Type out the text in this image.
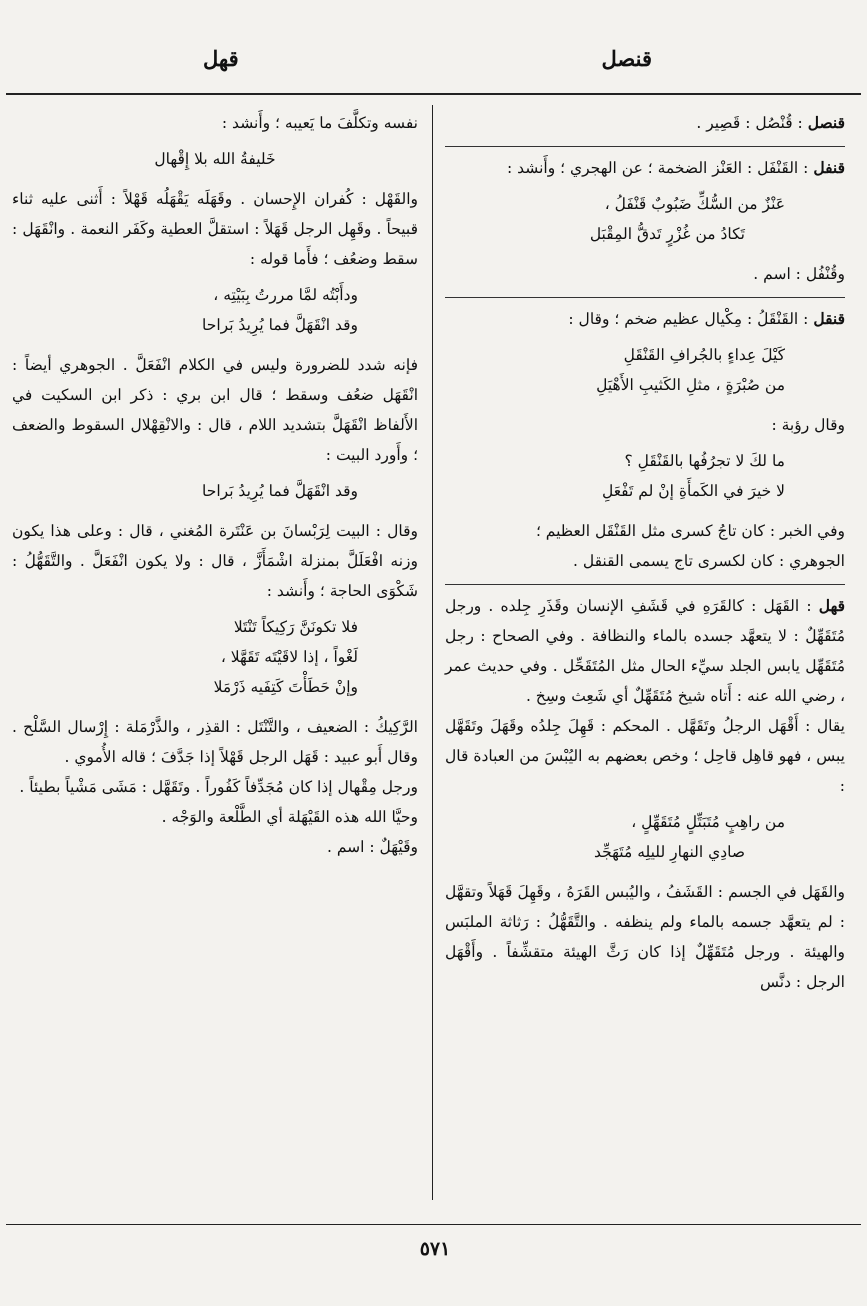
قنصل
قهل

قنصل : قُنْصُل : قَصِير .

قنفل : القَنْفَل : العَنْز الضخمة ؛ عن الهجري ؛ وأَنشد :

عَنْزٌ من السُّكِّ ضَبُوبٌ قَنْفَلُ ،
تَكادُ من غُزْرٍ تَدقُّ المِقْبَل

وقُنْفُل : اسم .

قنقل : القَنْقَلُ : مِكْيال عظيم ضخم ؛ وقال :

كَيْلَ عِداءٍ بالجُرافِ القَنْقَلِ
من صُبْرَةٍ ، مثلِ الكَثيبِ الأَهْيَلِ

وقال رؤبة :

ما لكَ لا تجرُفُها بالقَنْقَلِ ؟
لا خيرَ في الكَمأَةِ إنْ لم تَفْعَلِ

وفي الخبر : كان تاجُ كسرى مثل القَنْقَل العظيم ؛

الجوهري : كان لكسرى تاج يسمى القنقل .

قهل : القَهَل : كالقَرَهِ في قَشَفِ الإنسان وقَذَرِ جِلده . ورجل مُتَقَهِّلٌ : لا يتعهَّد جسده بالماء والنظافة . وفي الصحاح : رجل مُتَقَهِّل يابس الجلد سيِّء الحال مثل المُتَقَحِّل . وفي حديث عمر ، رضي الله عنه : أَتاه شيخ مُتَقَهِّلٌ أي شَعِث وسِخ .

يقال : أَقْهَل الرجلُ وتَقَهَّل . المحكم : قَهِلَ جِلدُه وقَهَلَ وتَقَهَّل يبس ، فهو قاهِل قاحِل ؛ وخص بعضهم به اليُبْسَ من العبادة قال :

من راهِبٍ مُتَبَتِّلٍ مُتَقَهِّلٍ ،
صادِي النهارِ لليلِه مُتَهَجِّد

والقَهَل في الجسم : القَشَفُ ، واليُبس القَرَهُ ، وقَهِلَ قَهَلاً وتقهَّل : لم يتعهَّد جسمه بالماء ولم ينظفه . والتَّقَهُّلُ : رَثاثة الملبَس والهيئة . ورجل مُتَقَهِّلٌ إذا كان رَثَّ الهيئة متقشِّفاً . وأَقْهَل الرجل : دنَّس

نفسه وتكلَّفَ ما يَعيبه ؛ وأَنشد :

خَليفةُ الله بلا إِقْهال

والقَهْل : كُفران الإِحسان . وقَهَلَه يَقْهَلُه قَهْلاً : أَثنى عليه ثناء قبيحاً . وقَهِل الرجل قَهَلاً : استقلَّ العطية وكَفَر النعمة . وانْقَهَل : سقط وضعُف ؛ فأَما قوله :

ودأَبْتُه لمَّا مررتُ بِبَيْتِه ،
وقد انْقَهَلَّ فما يُرِيدُ بَراحا

فإنه شدد للضرورة وليس في الكلام انْفَعَلَّ . الجوهري أيضاً : انْقَهَل ضعُف وسقط ؛ قال ابن بري : ذكر ابن السكيت في الأَلفاظ انْقَهَلَّ بتشديد اللام ، قال : والانْقِهْلال السقوط والضعف ؛ وأَورد البيت :

وقد انْقَهَلَّ فما يُرِيدُ بَراحا

وقال : البيت لِرَبْسانَ بن عَنْتَرة المُغني ، قال : وعلى هذا يكون وزنه افْعَلَلَّ بمنزلة اشْمَأَزَّ ، قال : ولا يكون انْفَعَلَّ . والتَّقَهُّلُ : شَكْوَى الحاجة ؛ وأَنشد :

فلا تكونَنَّ رَكِيكاً تَنْتَلا
لَغْواً ، إذا لاقَيْتَه تَقَهَّلا ،
وإنْ حَطَأْتَ كَتِفَيه ذَرْمَلا

الرَّكِيكُ : الضعيف ، والتَّنْتَل : القذِر ، والذَّرْمَلة : إِرْسال السَّلْح . وقال أَبو عبيد : قَهَل الرجل قَهْلاً إذا جَدَّفَ ؛ قاله الأُموي .

ورجل مِقْهال إذا كان مُجَدِّفاً كَفُوراً . وتَقَهَّل : مَشَى مَشْياً بطيئاً .

وحيَّا الله هذه القَيْهَلة أي الطَّلْعة والوَجْه .

وقَيْهَلٌ : اسم .

٥٧١
